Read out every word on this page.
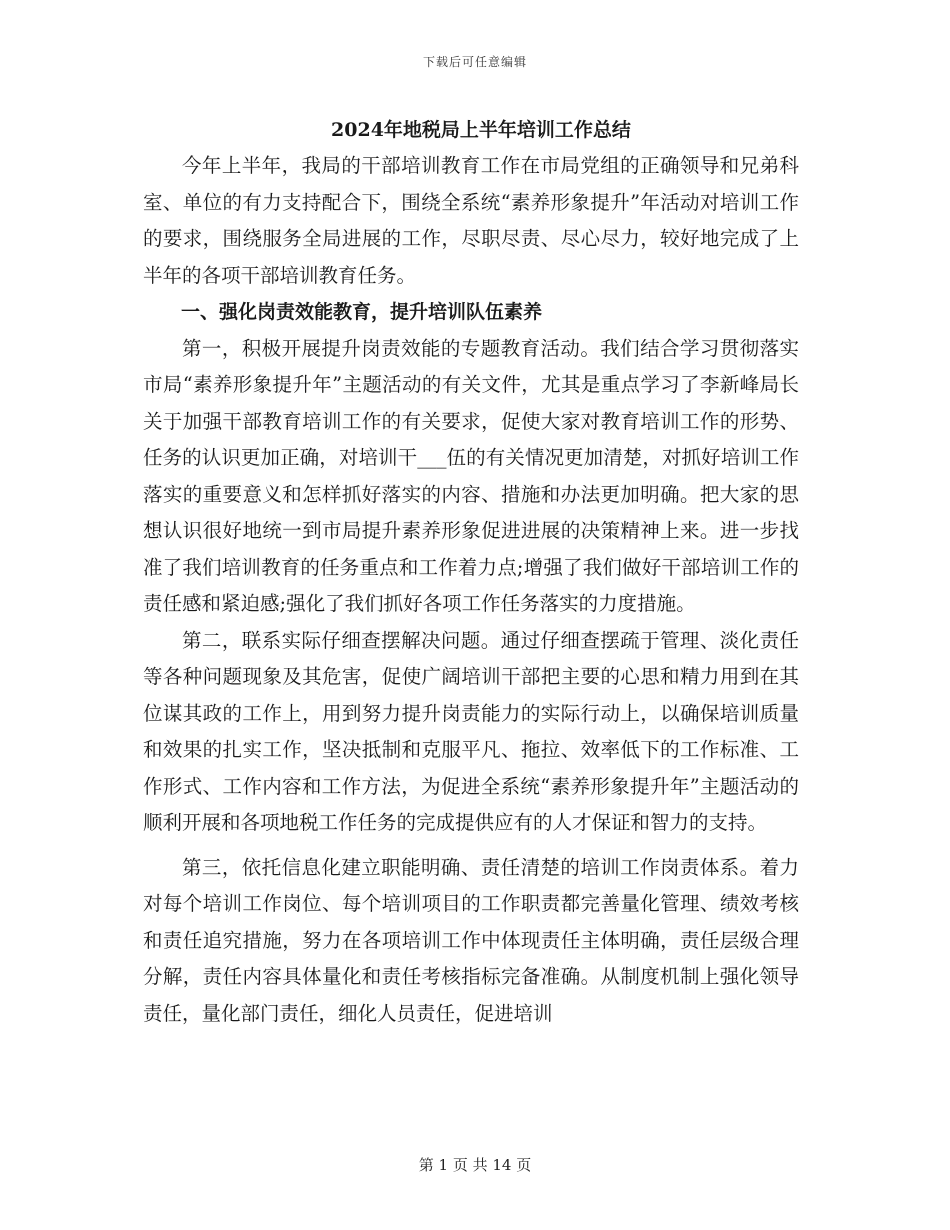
下载后可任意编辑

2024年地税局上半年培训工作总结

今年上半年，我局的干部培训教育工作在市局党组的正确领导和兄弟科室、单位的有力支持配合下，围绕全系统“素养形象提升”年活动对培训工作的要求，围绕服务全局进展的工作，尽职尽责、尽心尽力，较好地完成了上半年的各项干部培训教育任务。

一、强化岗责效能教育，提升培训队伍素养

第一，积极开展提升岗责效能的专题教育活动。我们结合学习贯彻落实市局“素养形象提升年”主题活动的有关文件，尤其是重点学习了李新峰局长关于加强干部教育培训工作的有关要求，促使大家对教育培训工作的形势、任务的认识更加正确，对培训干___伍的有关情况更加清楚，对抓好培训工作落实的重要意义和怎样抓好落实的内容、措施和办法更加明确。把大家的思想认识很好地统一到市局提升素养形象促进进展的决策精神上来。进一步找准了我们培训教育的任务重点和工作着力点;增强了我们做好干部培训工作的责任感和紧迫感;强化了我们抓好各项工作任务落实的力度措施。

第二，联系实际仔细查摆解决问题。通过仔细查摆疏于管理、淡化责任等各种问题现象及其危害，促使广阔培训干部把主要的心思和精力用到在其位谋其政的工作上，用到努力提升岗责能力的实际行动上，以确保培训质量和效果的扎实工作，坚决抵制和克服平凡、拖拉、效率低下的工作标准、工作形式、工作内容和工作方法，为促进全系统“素养形象提升年”主题活动的顺利开展和各项地税工作任务的完成提供应有的人才保证和智力的支持。

第三，依托信息化建立职能明确、责任清楚的培训工作岗责体系。着力对每个培训工作岗位、每个培训项目的工作职责都完善量化管理、绩效考核和责任追究措施，努力在各项培训工作中体现责任主体明确，责任层级合理分解，责任内容具体量化和责任考核指标完备准确。从制度机制上强化领导责任，量化部门责任，细化人员责任，促进培训

第 1 页 共 14 页
